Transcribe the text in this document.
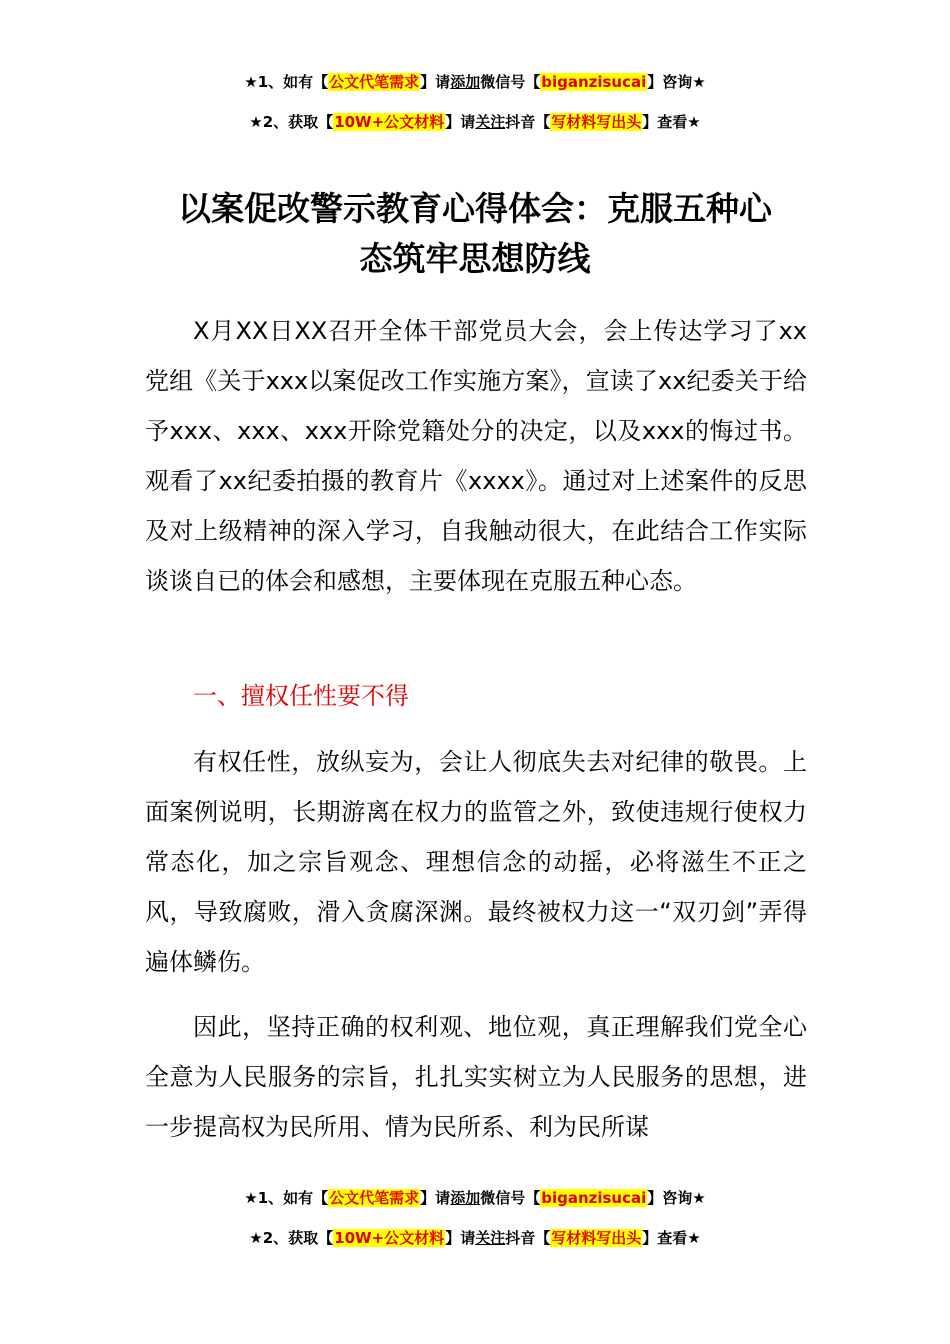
★1、如有【公文代笔需求】请添加微信号【biganzisucai】咨询★
★2、获取【10W+公文材料】请关注抖音【写材料写出头】查看★
以案促改警示教育心得体会：克服五种心
态筑牢思想防线

X月XX日XX召开全体干部党员大会，会上传达学习了xx党组《关于xxx以案促改工作实施方案》，宣读了xx纪委关于给予xxx、xxx、xxx开除党籍处分的决定，以及xxx的悔过书。观看了xx纪委拍摄的教育片《xxxx》。通过对上述案件的反思及对上级精神的深入学习，自我触动很大，在此结合工作实际谈谈自已的体会和感想，主要体现在克服五种心态。

一、擅权任性要不得

有权任性，放纵妄为，会让人彻底失去对纪律的敬畏。上面案例说明，长期游离在权力的监管之外，致使违规行使权力常态化，加之宗旨观念、理想信念的动摇，必将滋生不正之风，导致腐败，滑入贪腐深渊。最终被权力这一“双刃剑”弄得遍体鳞伤。

因此，坚持正确的权利观、地位观，真正理解我们党全心全意为人民服务的宗旨，扎扎实实树立为人民服务的思想，进一步提高权为民所用、情为民所系、利为民所谋

★1、如有【公文代笔需求】请添加微信号【biganzisucai】咨询★
★2、获取【10W+公文材料】请关注抖音【写材料写出头】查看★
